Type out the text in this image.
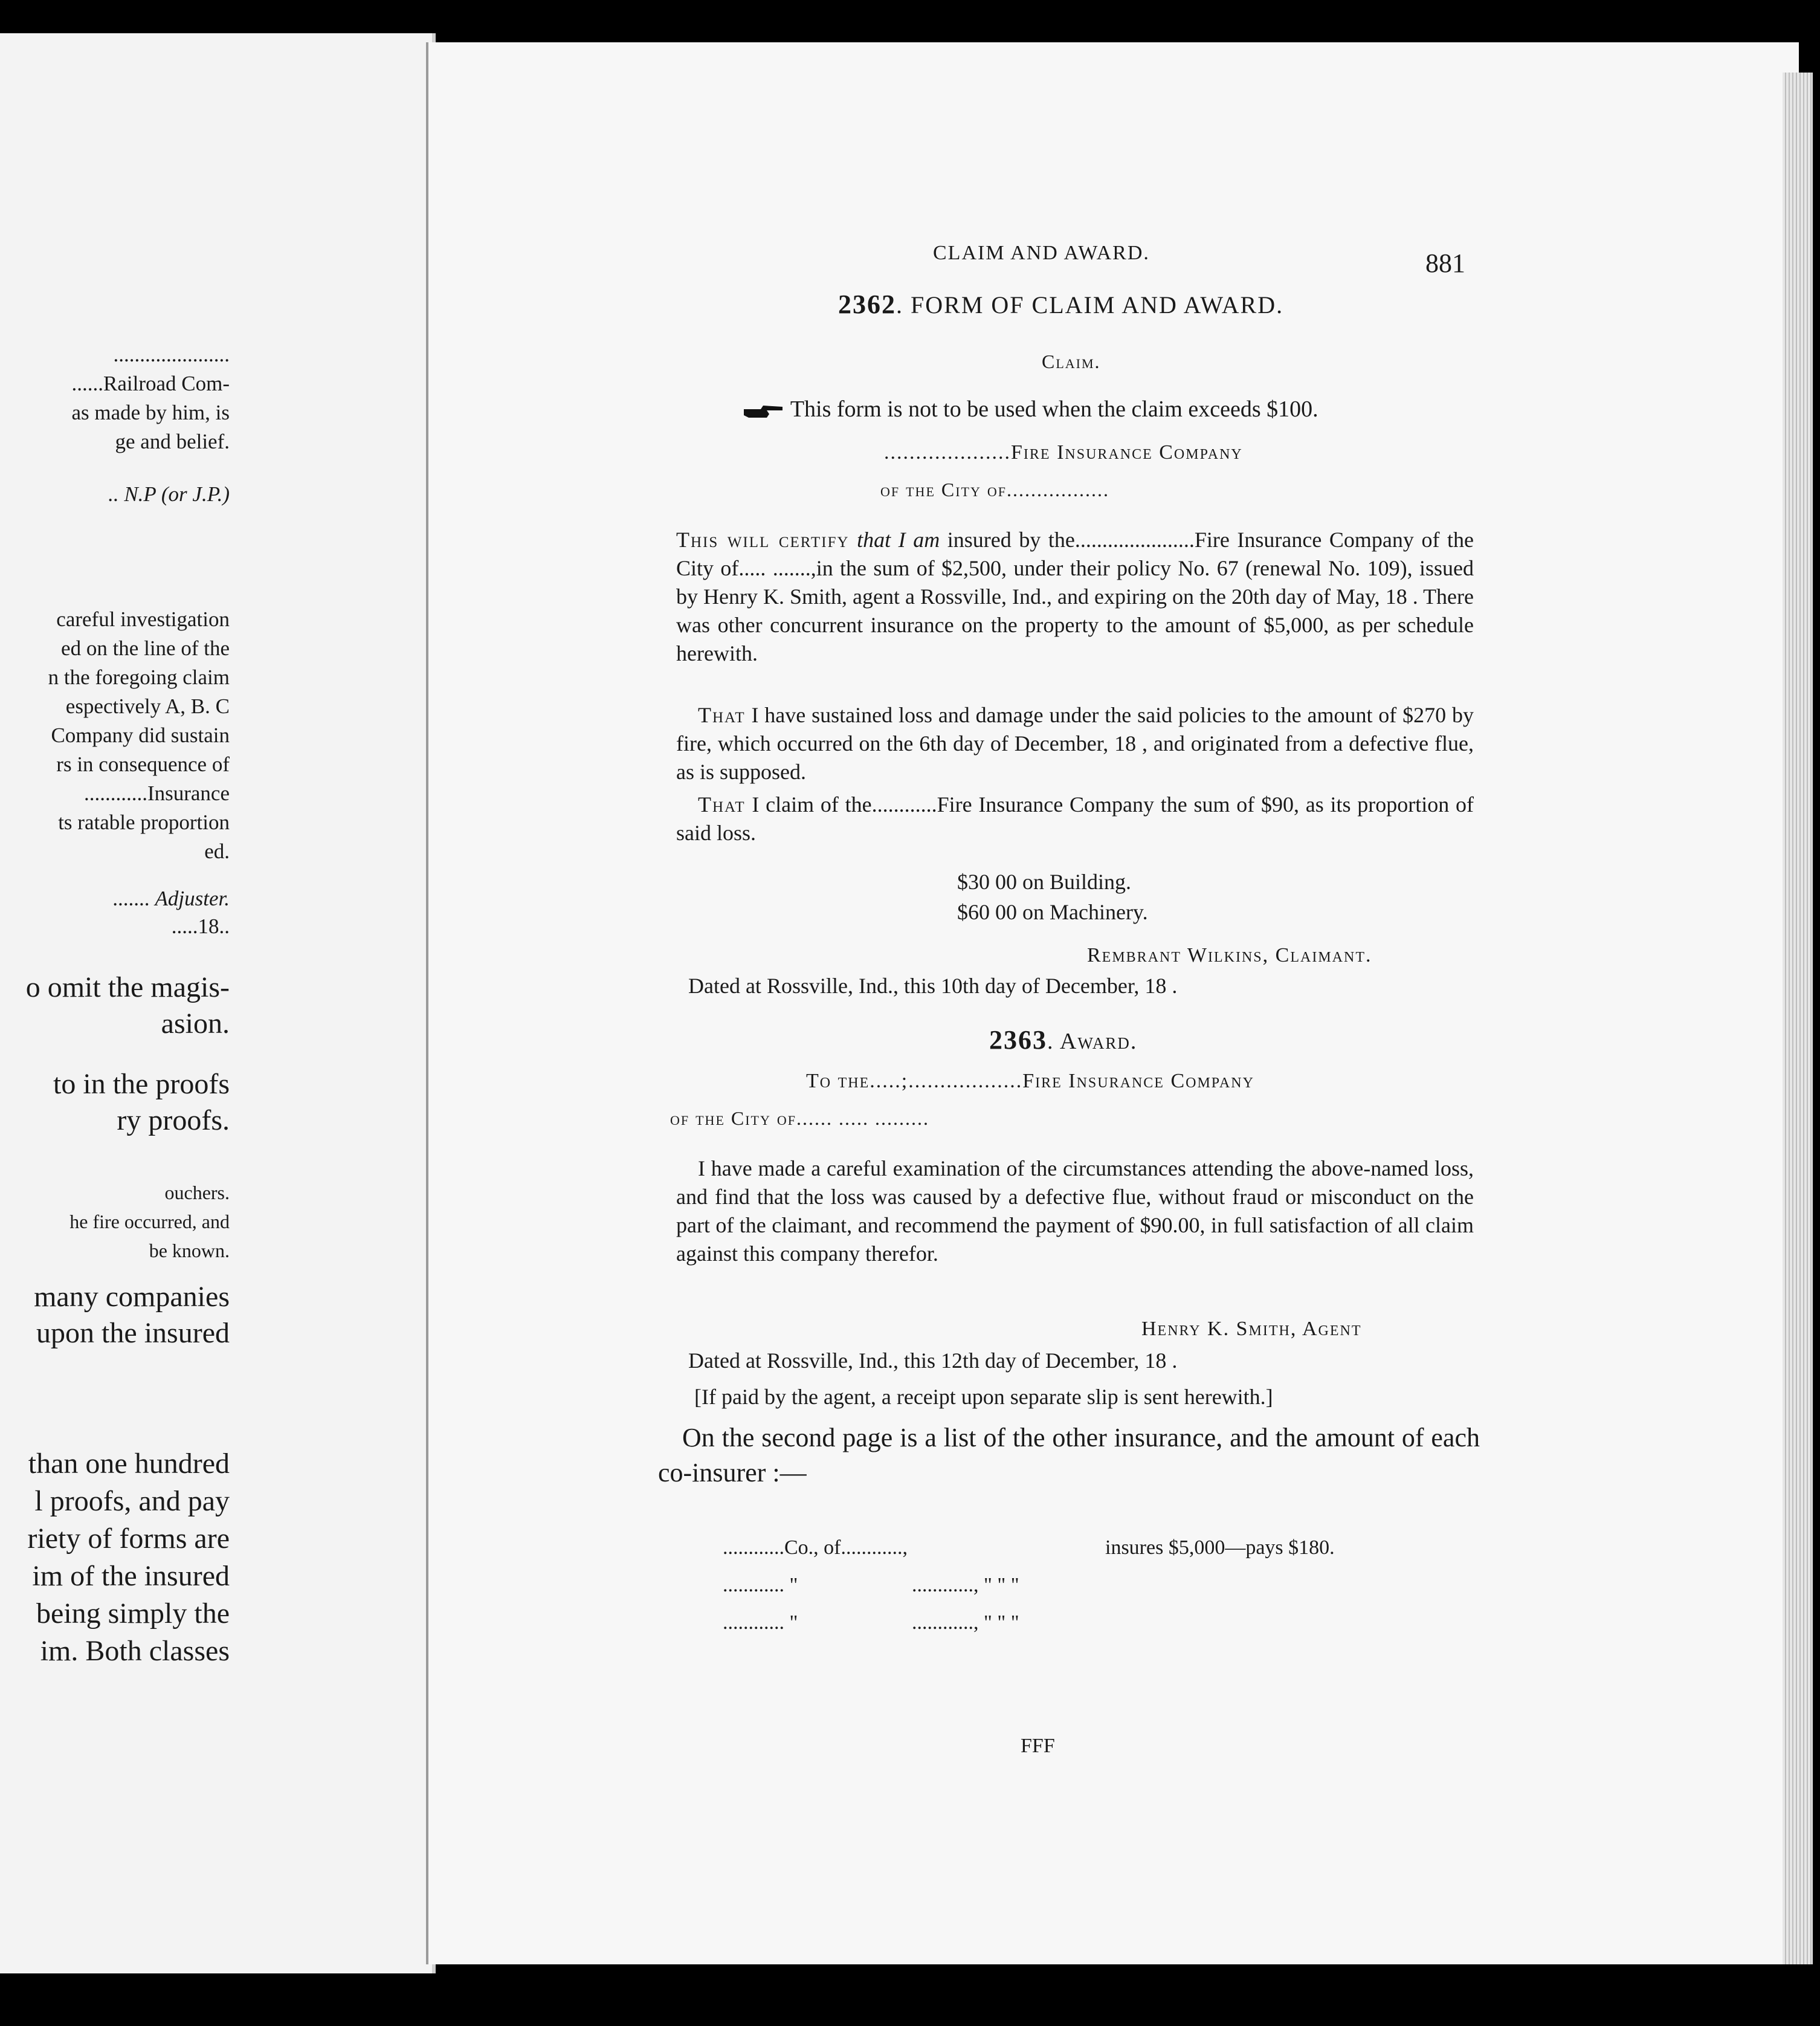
......................
......Railroad Com-
as made by him, is
ge and belief.
.. N.P (or J.P.)
careful investigation
ed on the line of the
n the foregoing claim
espectively A, B. C
Company did sustain
rs in consequence of
............Insurance
ts ratable proportion
ed.
....... Adjuster.
.....18..
o omit the magis-
asion.
to in the proofs
ry proofs.
ouchers.
he fire occurred, and
be known.
many companies
upon the insured
than one hundred
l proofs, and pay
riety of forms are
im of the insured
being simply the
im. Both classes
CLAIM AND AWARD.	881
2362. FORM OF CLAIM AND AWARD.
Claim.
This form is not to be used when the claim exceeds $100.
....................Fire Insurance Company
of the City of.................
This will certify that I am insured by the......................Fire Insurance Company of the City of..... .......,in the sum of $2,500, under their policy No. 67 (renewal No. 109), issued by Henry K. Smith, agent a Rossville, Ind., and expiring on the 20th day of May, 18 . There was other concurrent insurance on the property to the amount of $5,000, as per schedule herewith.
That I have sustained loss and damage under the said policies to the amount of $270 by fire, which occurred on the 6th day of December, 18 , and originated from a defective flue, as is supposed.
That I claim of the............Fire Insurance Company the sum of $90, as its proportion of said loss.
$30 00 on Building.
$60 00 on Machinery.
Rembrant Wilkins, Claimant.
Dated at Rossville, Ind., this 10th day of December, 18 .
2363. Award.
To the.....;..................Fire Insurance Company
of the City of...... ..... .........
I have made a careful examination of the circumstances attending the above-named loss, and find that the loss was caused by a defective flue, without fraud or misconduct on the part of the claimant, and recommend the payment of $90.00, in full satisfaction of all claim against this company therefor.
Henry K. Smith, Agent
Dated at Rossville, Ind., this 12th day of December, 18 .
[If paid by the agent, a receipt upon separate slip is sent herewith.]
On the second page is a list of the other insurance, and the amount of each co-insurer :—
............Co., of............,	insures $5,000—pays $180.
............ "	............, " " "
............ "	............, " " "
FFF
